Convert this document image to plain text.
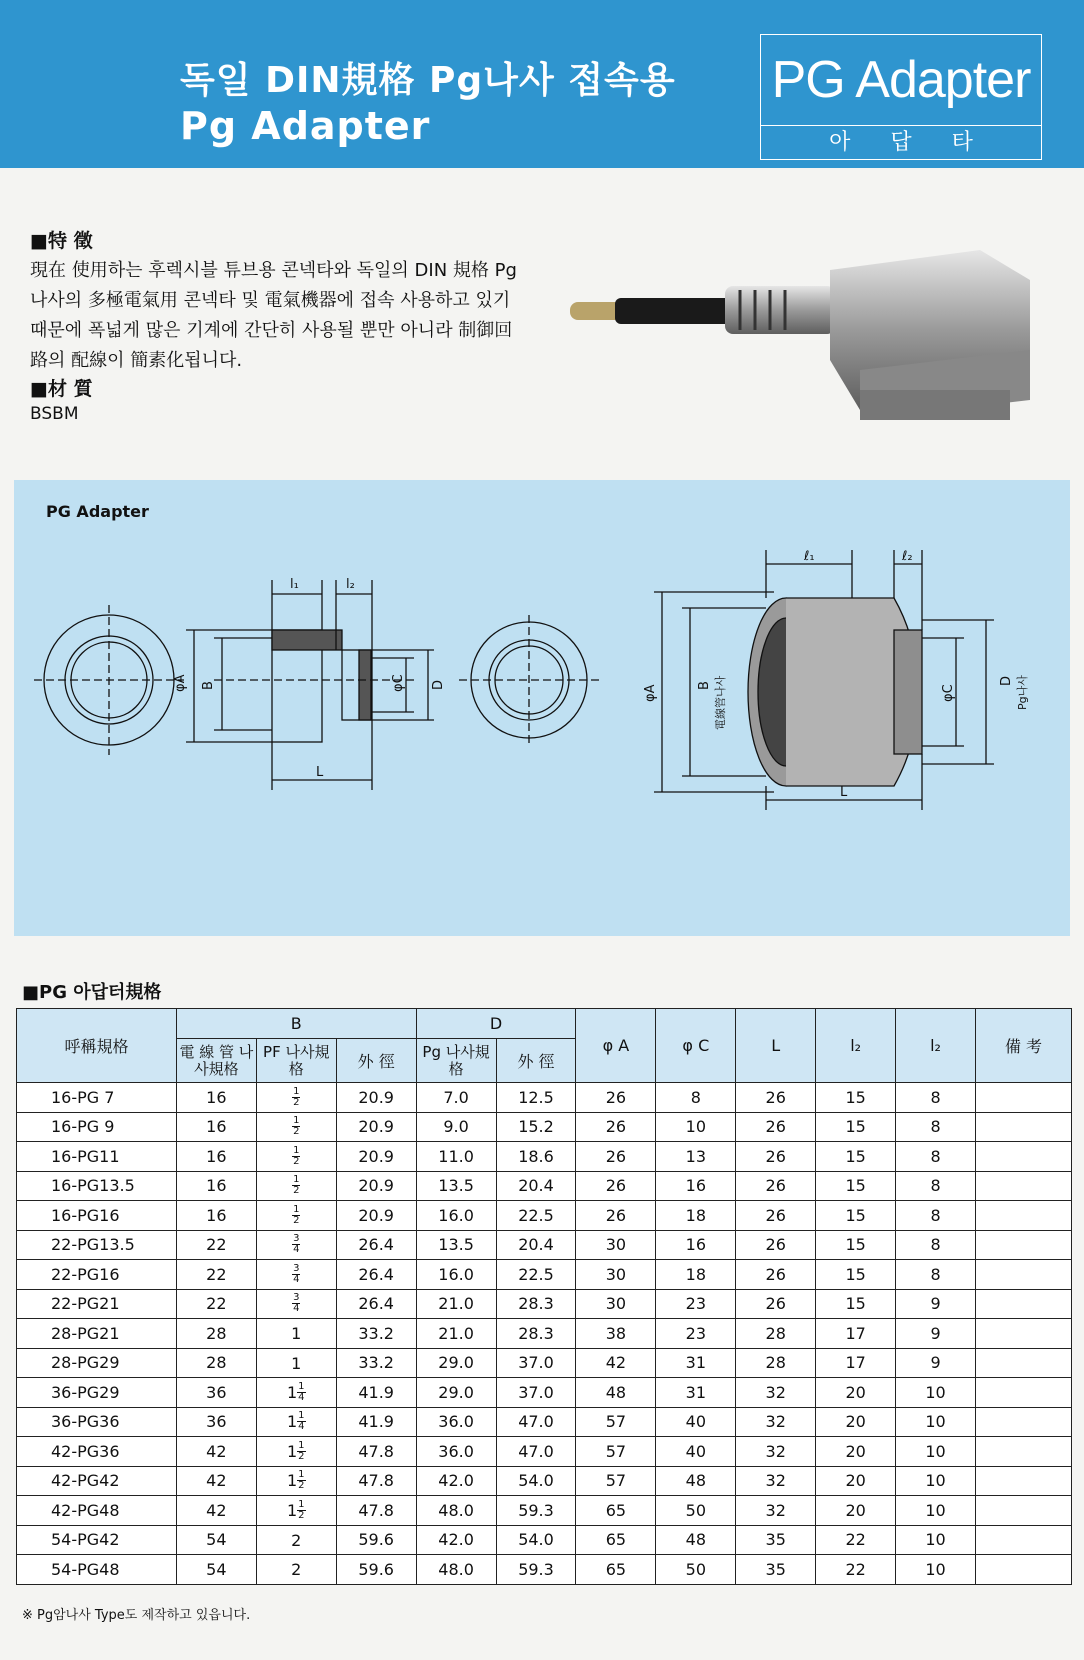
독일 DIN規格 Pg나사 접속용
Pg Adapter
PG Adapter
아답타
■特 徵
現在 使用하는 후렉시블 튜브용 콘넥타와 독일의 DIN 規格 Pg나사의 多極電氣用 콘넥타 및 電氣機器에 접속 사용하고 있기 때문에 폭넓게 많은 기계에 간단히 사용될 뿐만 아니라 制御回路의 配線이 簡素化됩니다.
■材 質
BSBM
PG Adapter
l₁	l₂
φA B	φC D
L
ℓ₁	ℓ₂
φA	B 電線管나사	φC
D Pg나사
L
■PG 아답터規格
呼稱規格	B			D		φ A	φ C	L	l₂	l₂	備 考
	電 線 管 나사規格	PF 나사規格	外 徑	Pg 나사規格	外 徑						
16-PG 7	16	$\frac{1}{2}$	20.9	7.0	12.5	26	8	26	15	8	
16-PG 9	16	$\frac{1}{2}$	20.9	9.0	15.2	26	10	26	15	8	
16-PG11	16	$\frac{1}{2}$	20.9	11.0	18.6	26	13	26	15	8	
16-PG13.5	16	$\frac{1}{2}$	20.9	13.5	20.4	26	16	26	15	8	
16-PG16	16	$\frac{1}{2}$	20.9	16.0	22.5	26	18	26	15	8	
22-PG13.5	22	$\frac{3}{4}$	26.4	13.5	20.4	30	16	26	15	8	
22-PG16	22	$\frac{3}{4}$	26.4	16.0	22.5	30	18	26	15	8	
22-PG21	22	$\frac{3}{4}$	26.4	21.0	28.3	30	23	26	15	9	
28-PG21	28	1	33.2	21.0	28.3	38	23	28	17	9	
28-PG29	28	1	33.2	29.0	37.0	42	31	28	17	9	
36-PG29	36	$1 \frac{1}{4}$	41.9	29.0	37.0	48	31	32	20	10	
36-PG36	36	$1 \frac{1}{4}$	41.9	36.0	47.0	57	40	32	20	10	
42-PG36	42	$1 \frac{1}{2}$	47.8	36.0	47.0	57	40	32	20	10	
42-PG42	42	$1 \frac{1}{2}$	47.8	42.0	54.0	57	48	32	20	10	
42-PG48	42	$1 \frac{1}{2}$	47.8	48.0	59.3	65	50	32	20	10	
54-PG42	54	2	59.6	42.0	54.0	65	48	35	22	10	
54-PG48	54	2	59.6	48.0	59.3	65	50	35	22	10	
※ Pg암나사 Type도 제작하고 있읍니다.
